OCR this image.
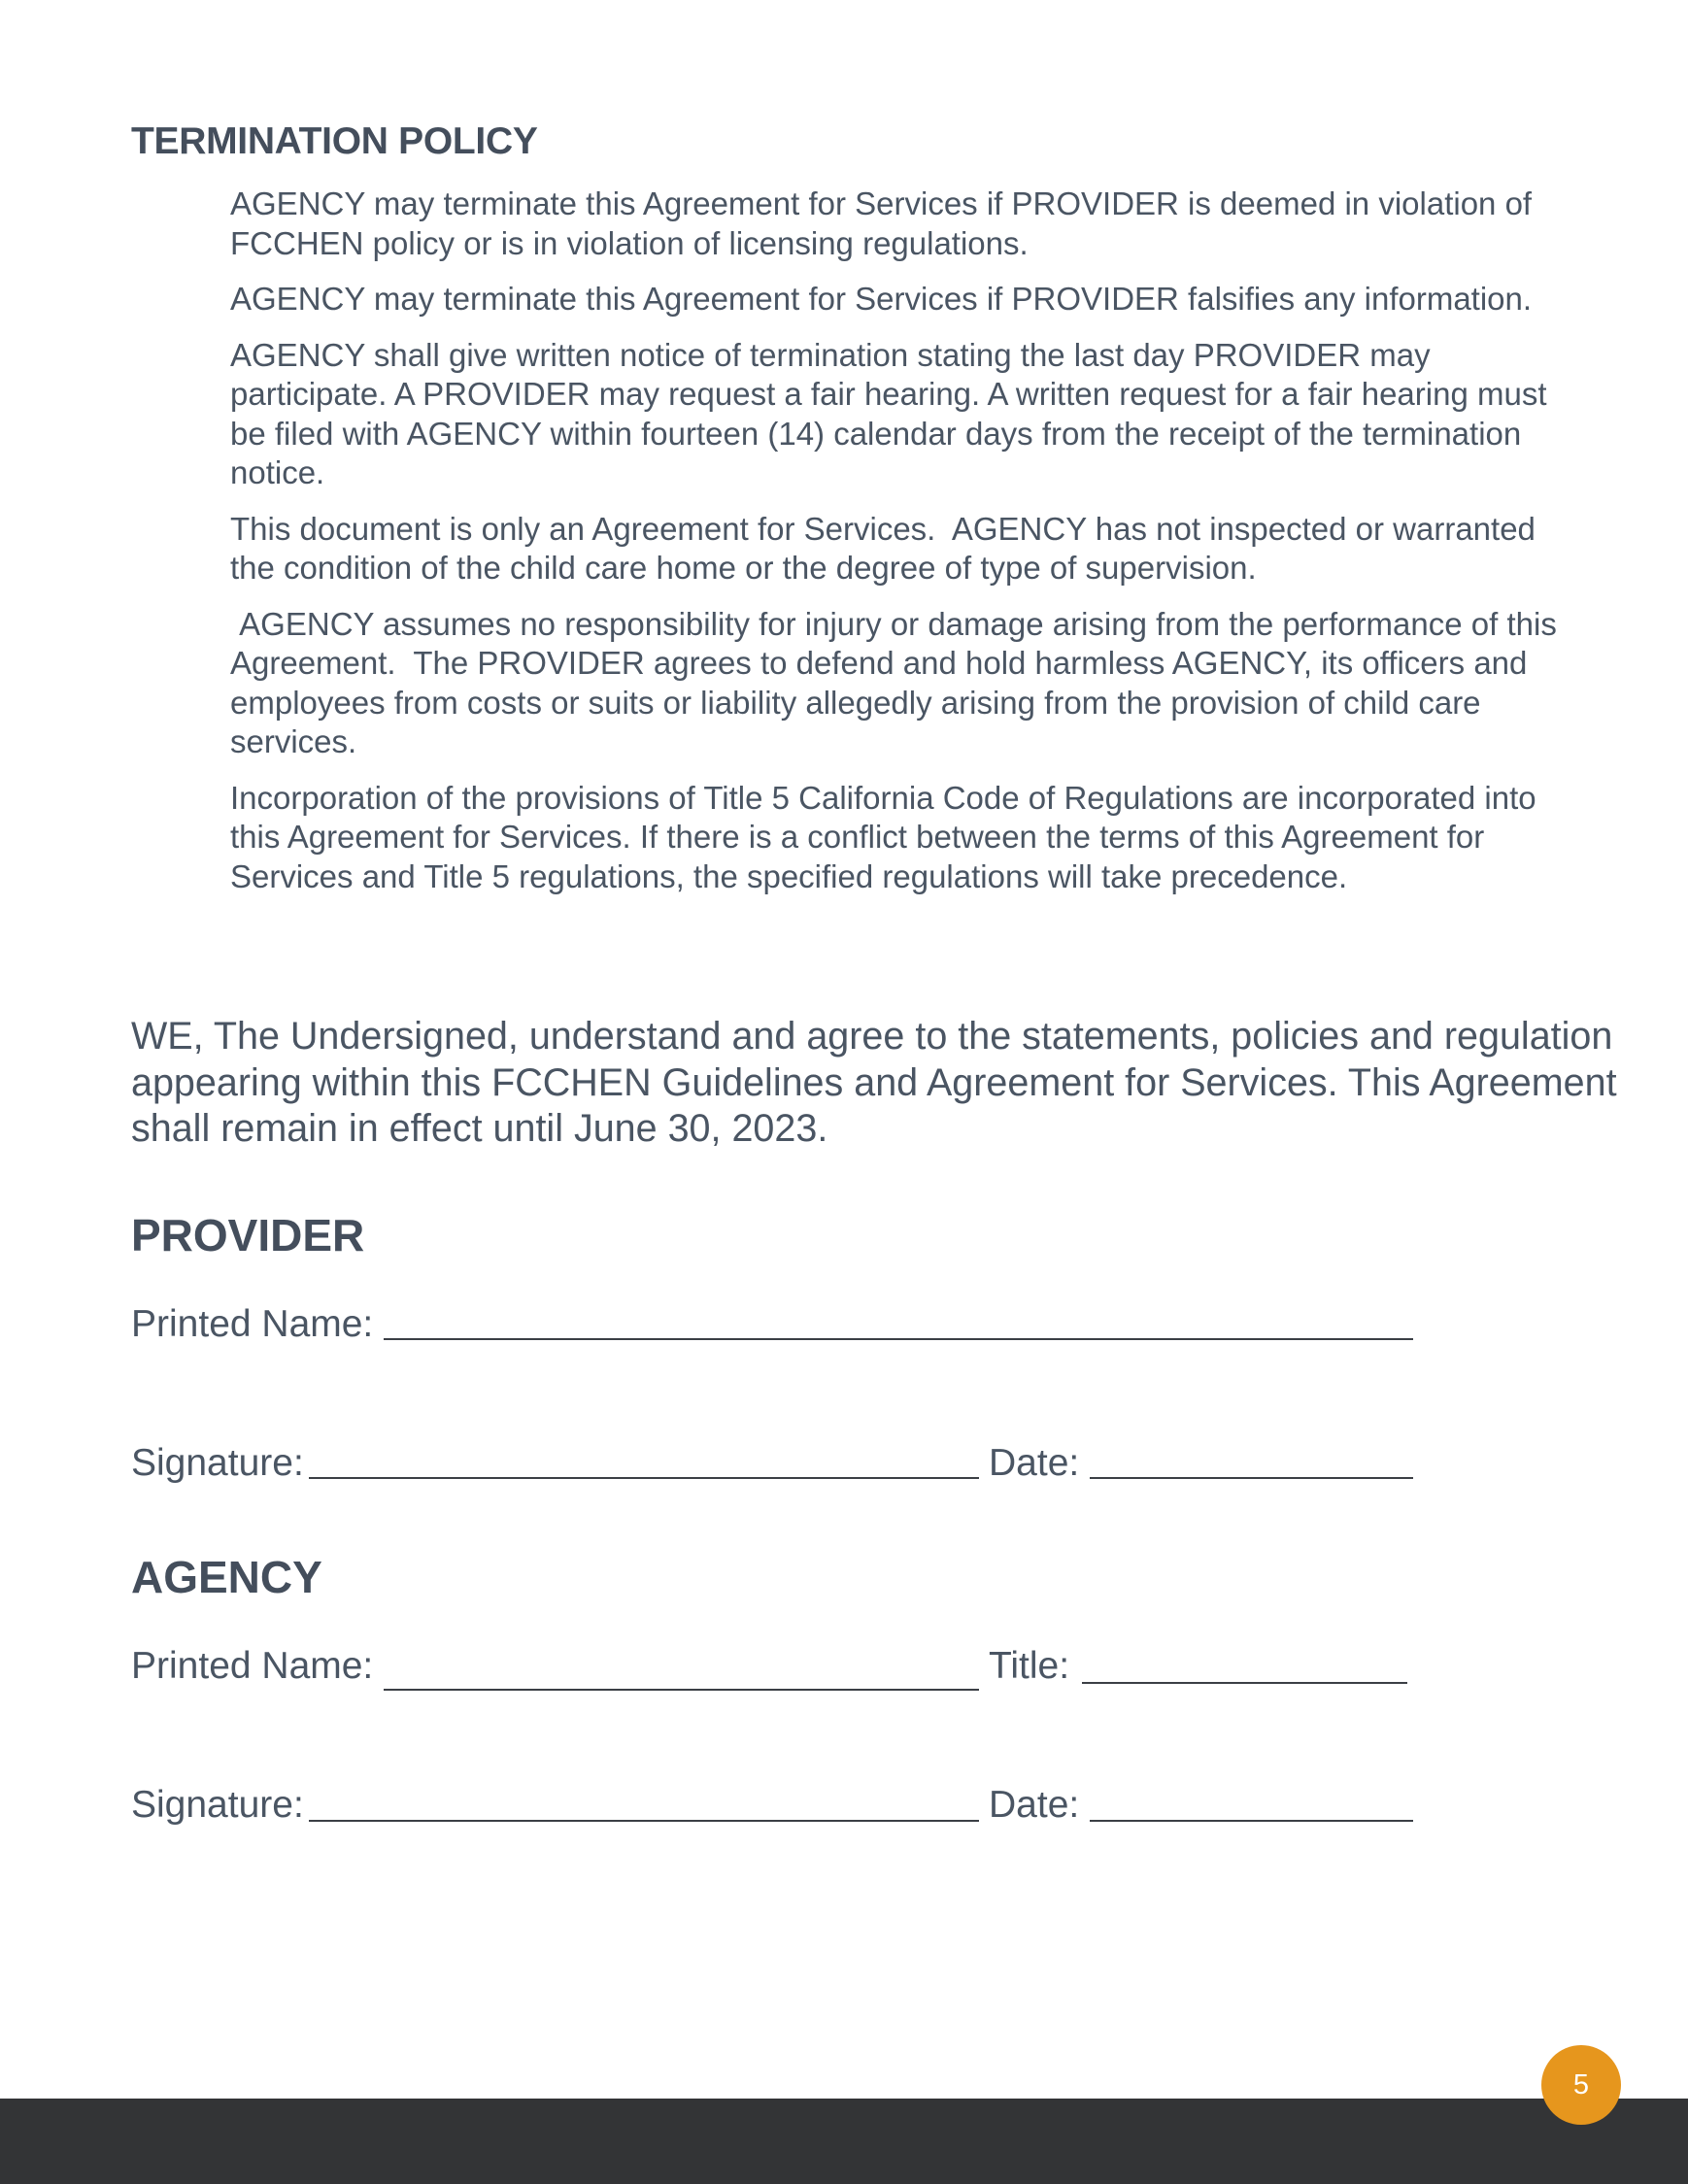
TERMINATION POLICY

AGENCY may terminate this Agreement for Services if PROVIDER is deemed in violation of FCCHEN policy or is in violation of licensing regulations.

AGENCY may terminate this Agreement for Services if PROVIDER falsifies any information.

AGENCY shall give written notice of termination stating the last day PROVIDER may participate. A PROVIDER may request a fair hearing. A written request for a fair hearing must be filed with AGENCY within fourteen (14) calendar days from the receipt of the termination notice.

This document is only an Agreement for Services.  AGENCY has not inspected or warranted the condition of the child care home or the degree of type of supervision.

AGENCY assumes no responsibility for injury or damage arising from the performance of this Agreement.  The PROVIDER agrees to defend and hold harmless AGENCY, its officers and employees from costs or suits or liability allegedly arising from the provision of child care services.

Incorporation of the provisions of Title 5 California Code of Regulations are incorporated into this Agreement for Services. If there is a conflict between the terms of this Agreement for Services and Title 5 regulations, the specified regulations will take precedence.

WE, The Undersigned, understand and agree to the statements, policies and regulation appearing within this FCCHEN Guidelines and Agreement for Services. This Agreement shall remain in effect until June 30, 2023.

PROVIDER
Printed Name:
Signature:	Date:
AGENCY
Printed Name:	Title:
Signature:	Date:
5
